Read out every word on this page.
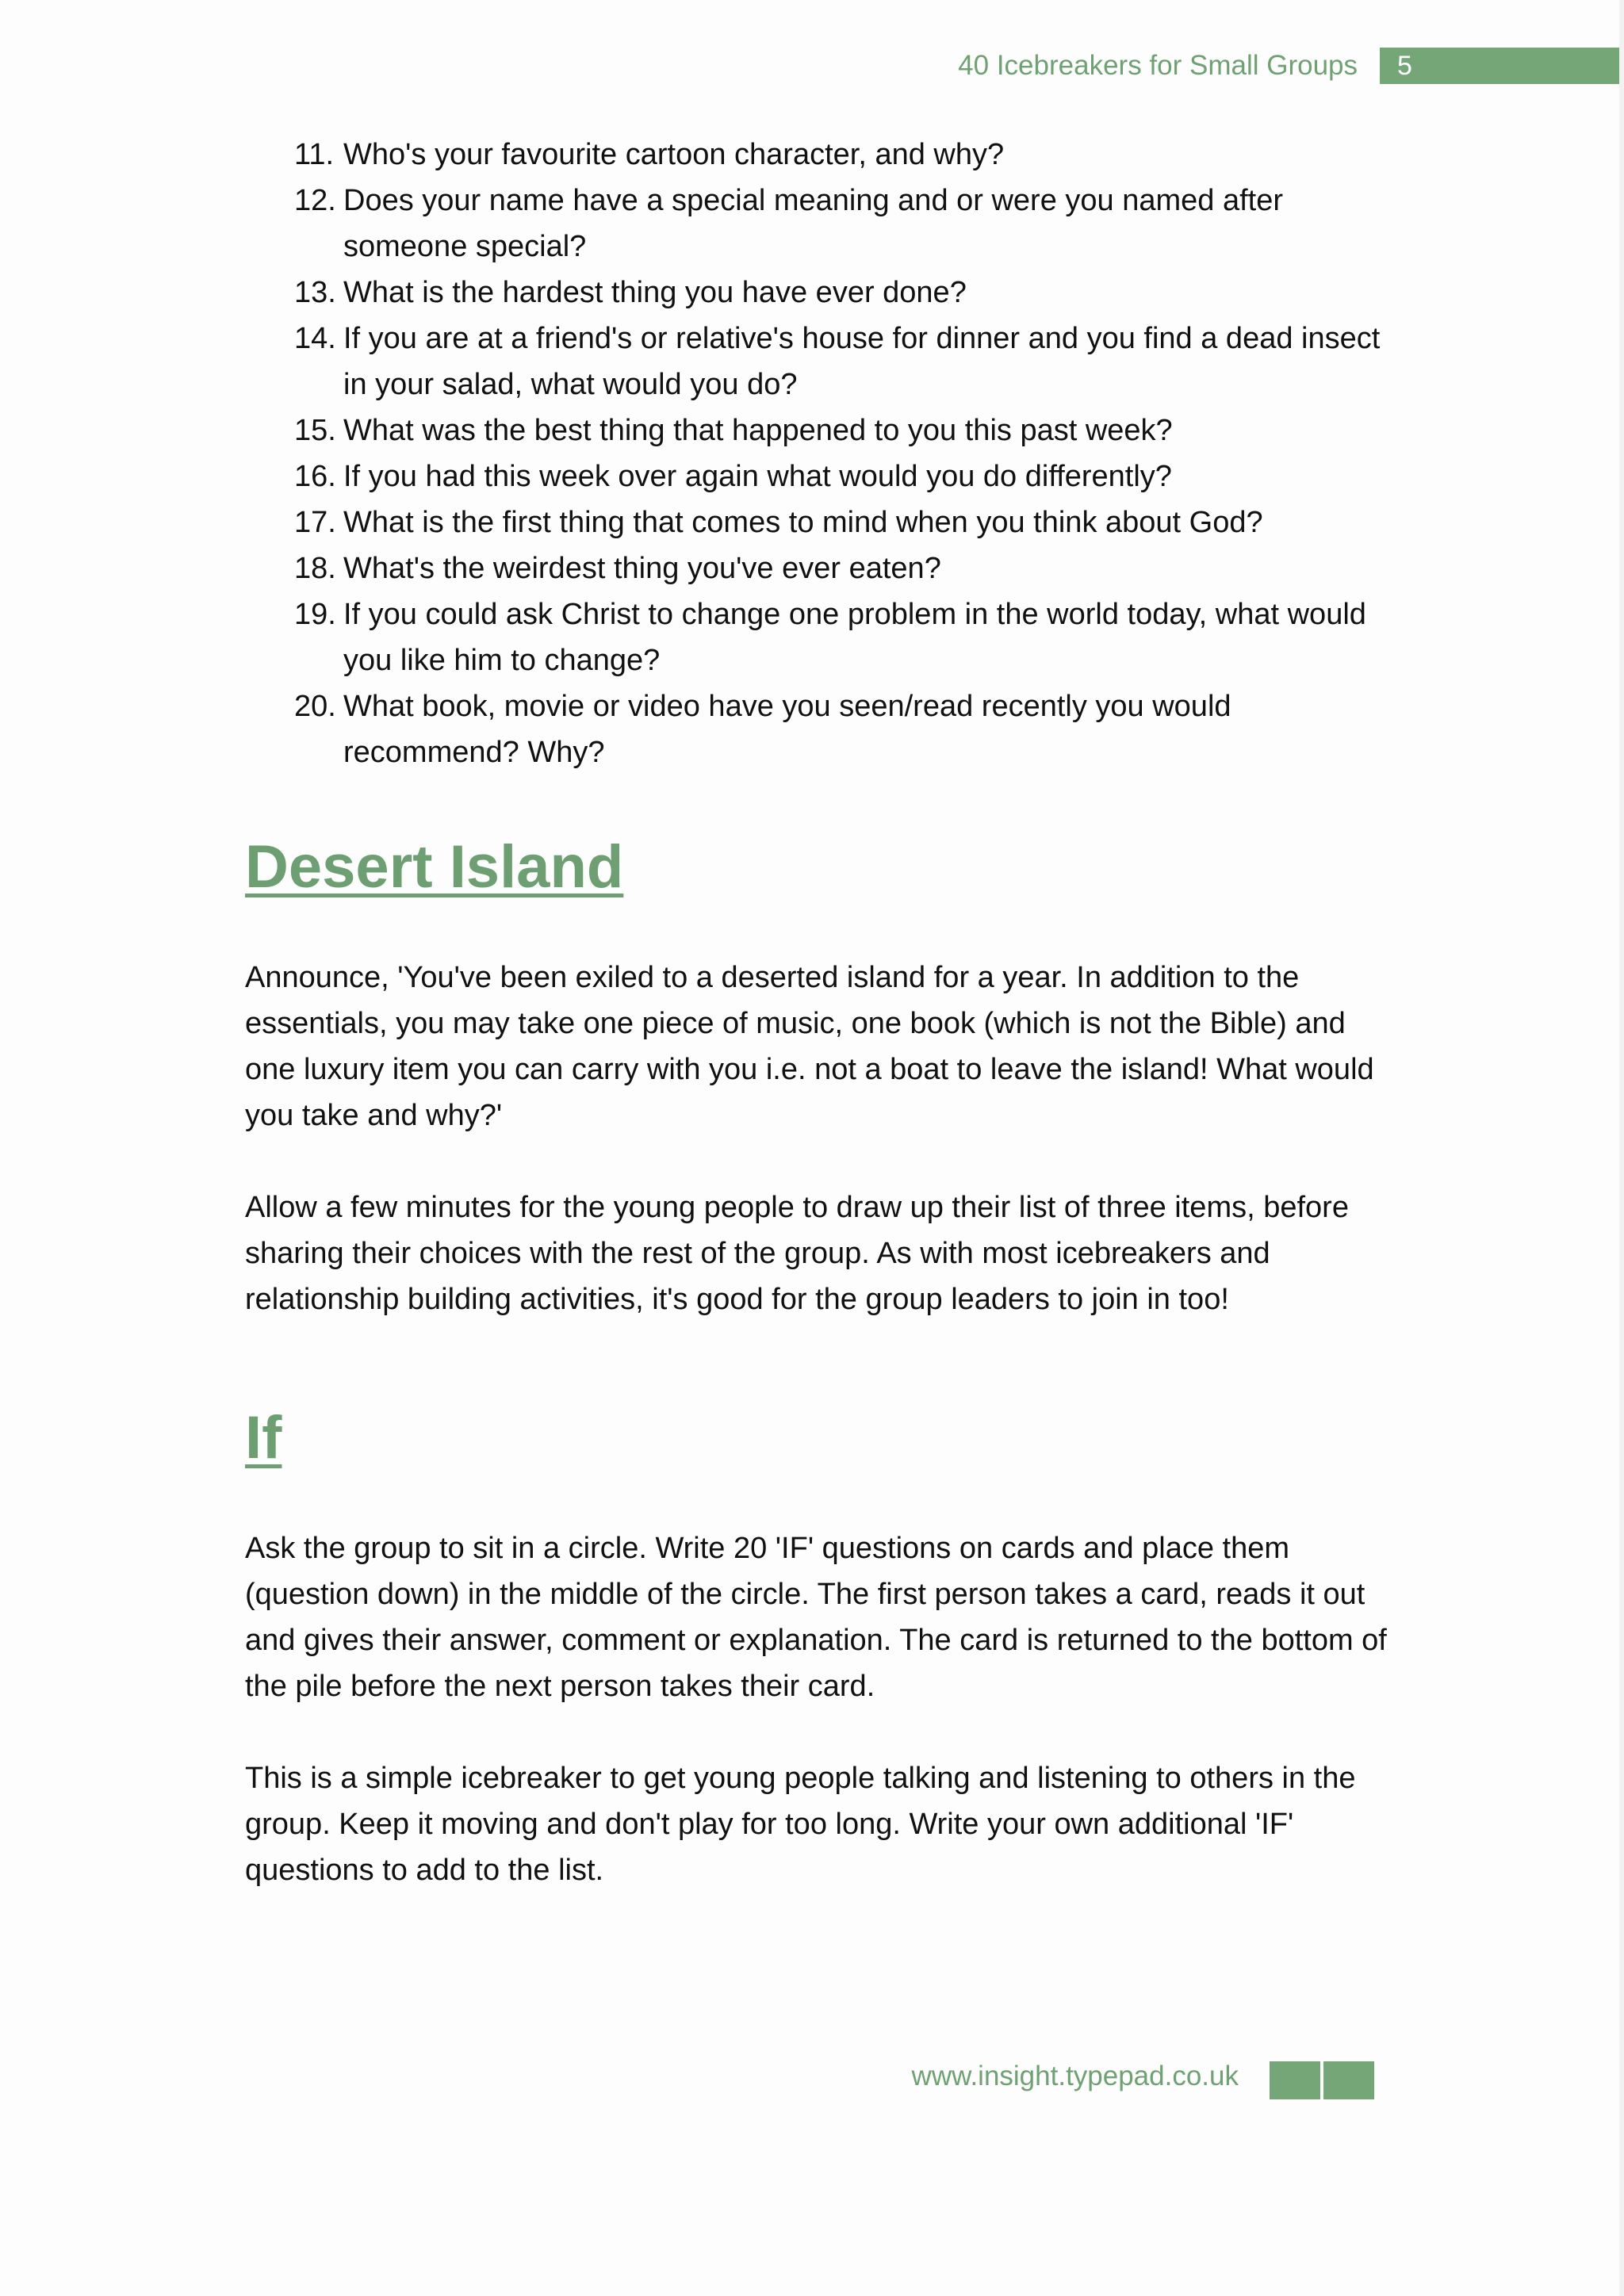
40 Icebreakers for Small Groups 5
11. Who's your favourite cartoon character, and why?
12. Does your name have a special meaning and or were you named after someone special?
13. What is the hardest thing you have ever done?
14. If you are at a friend's or relative's house for dinner and you find a dead insect in your salad, what would you do?
15. What was the best thing that happened to you this past week?
16. If you had this week over again what would you do differently?
17. What is the first thing that comes to mind when you think about God?
18. What's the weirdest thing you've ever eaten?
19. If you could ask Christ to change one problem in the world today, what would you like him to change?
20. What book, movie or video have you seen/read recently you would recommend? Why?
Desert Island

Announce, 'You've been exiled to a deserted island for a year. In addition to the essentials, you may take one piece of music, one book (which is not the Bible) and one luxury item you can carry with you i.e. not a boat to leave the island! What would you take and why?'

Allow a few minutes for the young people to draw up their list of three items, before sharing their choices with the rest of the group. As with most icebreakers and relationship building activities, it's good for the group leaders to join in too!

If

Ask the group to sit in a circle. Write 20 'IF' questions on cards and place them (question down) in the middle of the circle. The first person takes a card, reads it out and gives their answer, comment or explanation. The card is returned to the bottom of the pile before the next person takes their card.

This is a simple icebreaker to get young people talking and listening to others in the group. Keep it moving and don't play for too long. Write your own additional 'IF' questions to add to the list.

www.insight.typepad.co.uk
